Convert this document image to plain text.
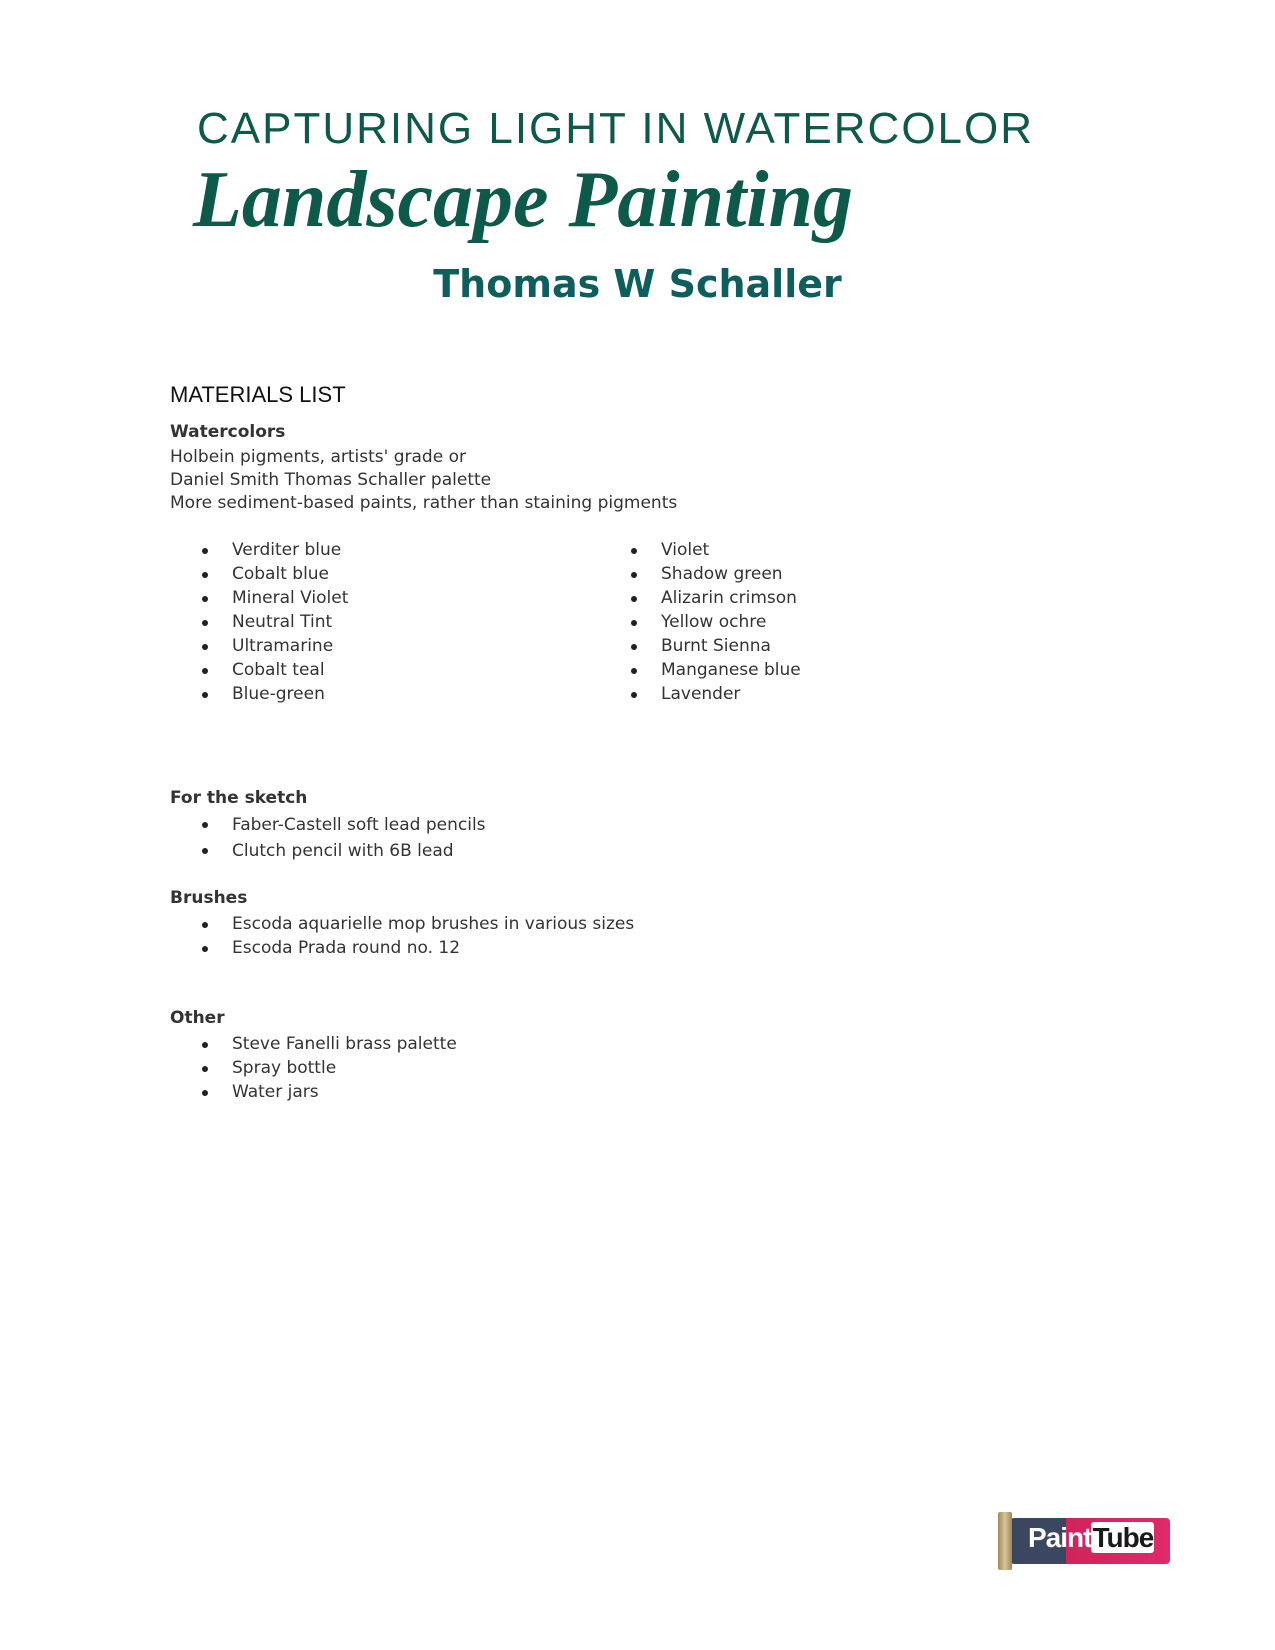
CAPTURING LIGHT IN WATERCOLOR
Landscape Painting
Thomas W Schaller
MATERIALS LIST
Watercolors
Holbein pigments, artists' grade or
Daniel Smith Thomas Schaller palette
More sediment-based paints, rather than staining pigments
Verditer blue
Cobalt blue
Mineral Violet
Neutral Tint
Ultramarine
Cobalt teal
Blue-green
Violet
Shadow green
Alizarin crimson
Yellow ochre
Burnt Sienna
Manganese blue
Lavender
For the sketch
Faber-Castell soft lead pencils
Clutch pencil with 6B lead
Brushes
Escoda aquarielle mop brushes in various sizes
Escoda Prada round no. 12
Other
Steve Fanelli brass palette
Spray bottle
Water jars
PaintTube
